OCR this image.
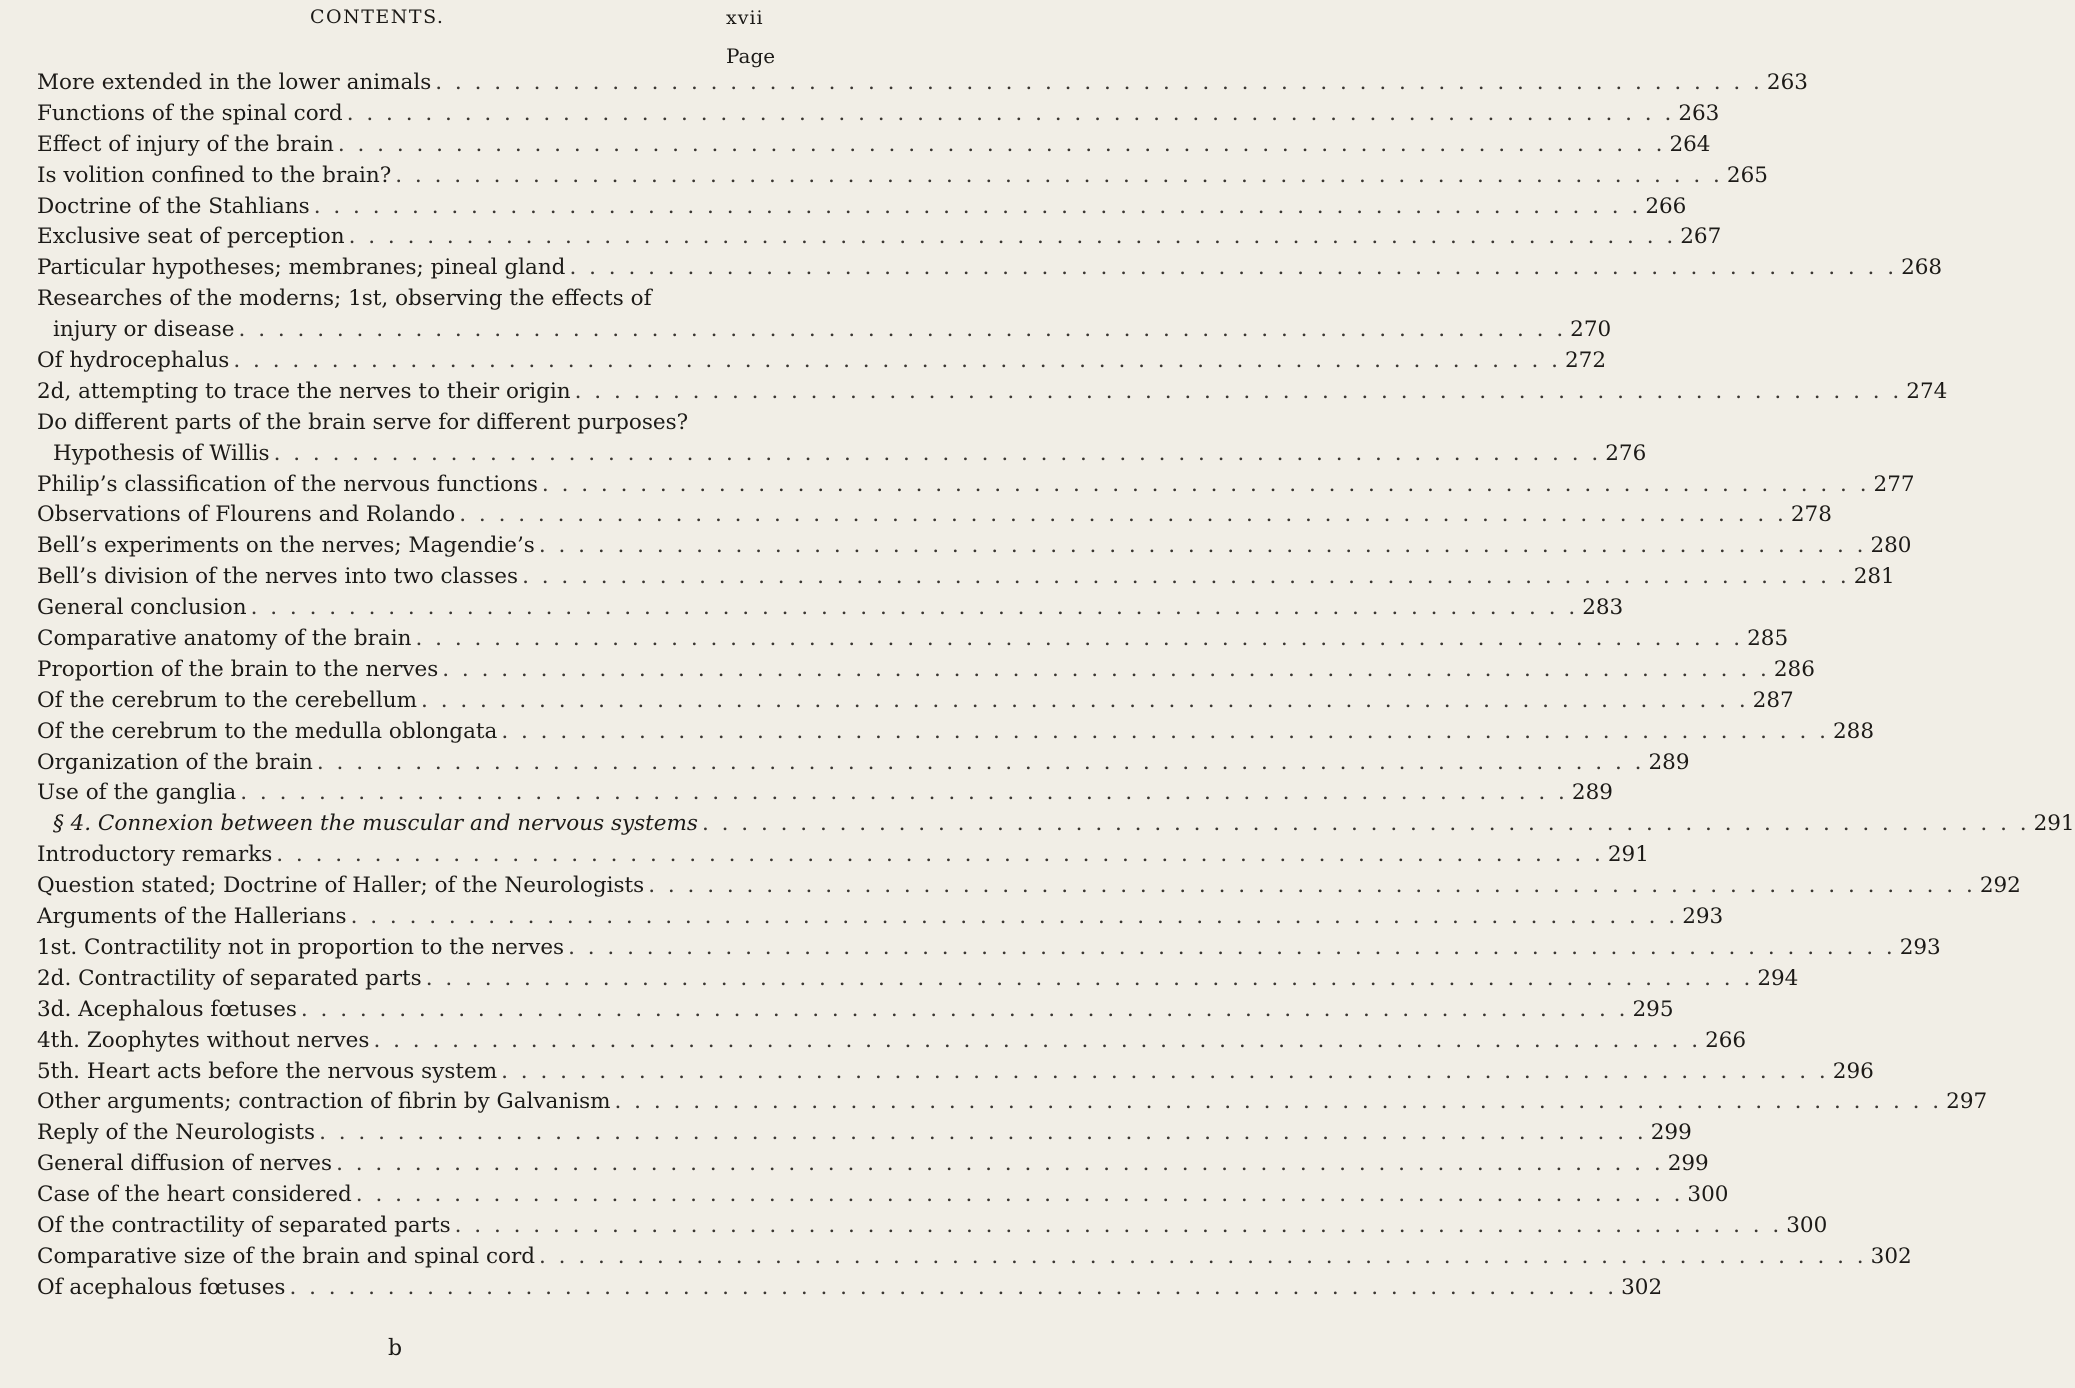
CONTENTS.	xvii
Page
More extended in the lower animals . . . . . . . . . . . . . . . . . . . . . . . . . . . . . . . . . . . . . . . . . . . . . . . . . . . . . . . . . . . . . . . . . . . . 263
Functions of the spinal cord . . . . . . . . . . . . . . . . . . . . . . . . . . . . . . . . . . . . . . . . . . . . . . . . . . . . . . . . . . . . . . . . . . . . 263
Effect of injury of the brain . . . . . . . . . . . . . . . . . . . . . . . . . . . . . . . . . . . . . . . . . . . . . . . . . . . . . . . . . . . . . . . . . . . . 264
Is volition confined to the brain? . . . . . . . . . . . . . . . . . . . . . . . . . . . . . . . . . . . . . . . . . . . . . . . . . . . . . . . . . . . . . . . . . . . . 265
Doctrine of the Stahlians . . . . . . . . . . . . . . . . . . . . . . . . . . . . . . . . . . . . . . . . . . . . . . . . . . . . . . . . . . . . . . . . . . . . 266
Exclusive seat of perception . . . . . . . . . . . . . . . . . . . . . . . . . . . . . . . . . . . . . . . . . . . . . . . . . . . . . . . . . . . . . . . . . . . . 267
Particular hypotheses; membranes; pineal gland . . . . . . . . . . . . . . . . . . . . . . . . . . . . . . . . . . . . . . . . . . . . . . . . . . . . . . . . . . . . . . . . . . . . 268
Researches of the moderns; 1st, observing the effects of
injury or disease . . . . . . . . . . . . . . . . . . . . . . . . . . . . . . . . . . . . . . . . . . . . . . . . . . . . . . . . . . . . . . . . . . . . 270
Of hydrocephalus . . . . . . . . . . . . . . . . . . . . . . . . . . . . . . . . . . . . . . . . . . . . . . . . . . . . . . . . . . . . . . . . . . . . 272
2d, attempting to trace the nerves to their origin . . . . . . . . . . . . . . . . . . . . . . . . . . . . . . . . . . . . . . . . . . . . . . . . . . . . . . . . . . . . . . . . . . . . 274
Do different parts of the brain serve for different purposes?
Hypothesis of Willis . . . . . . . . . . . . . . . . . . . . . . . . . . . . . . . . . . . . . . . . . . . . . . . . . . . . . . . . . . . . . . . . . . . . 276
Philip’s classification of the nervous functions . . . . . . . . . . . . . . . . . . . . . . . . . . . . . . . . . . . . . . . . . . . . . . . . . . . . . . . . . . . . . . . . . . . . 277
Observations of Flourens and Rolando . . . . . . . . . . . . . . . . . . . . . . . . . . . . . . . . . . . . . . . . . . . . . . . . . . . . . . . . . . . . . . . . . . . . 278
Bell’s experiments on the nerves; Magendie’s . . . . . . . . . . . . . . . . . . . . . . . . . . . . . . . . . . . . . . . . . . . . . . . . . . . . . . . . . . . . . . . . . . . . 280
Bell’s division of the nerves into two classes . . . . . . . . . . . . . . . . . . . . . . . . . . . . . . . . . . . . . . . . . . . . . . . . . . . . . . . . . . . . . . . . . . . . 281
General conclusion . . . . . . . . . . . . . . . . . . . . . . . . . . . . . . . . . . . . . . . . . . . . . . . . . . . . . . . . . . . . . . . . . . . . 283
Comparative anatomy of the brain . . . . . . . . . . . . . . . . . . . . . . . . . . . . . . . . . . . . . . . . . . . . . . . . . . . . . . . . . . . . . . . . . . . . 285
Proportion of the brain to the nerves . . . . . . . . . . . . . . . . . . . . . . . . . . . . . . . . . . . . . . . . . . . . . . . . . . . . . . . . . . . . . . . . . . . . 286
Of the cerebrum to the cerebellum . . . . . . . . . . . . . . . . . . . . . . . . . . . . . . . . . . . . . . . . . . . . . . . . . . . . . . . . . . . . . . . . . . . . 287
Of the cerebrum to the medulla oblongata . . . . . . . . . . . . . . . . . . . . . . . . . . . . . . . . . . . . . . . . . . . . . . . . . . . . . . . . . . . . . . . . . . . . 288
Organization of the brain . . . . . . . . . . . . . . . . . . . . . . . . . . . . . . . . . . . . . . . . . . . . . . . . . . . . . . . . . . . . . . . . . . . . 289
Use of the ganglia . . . . . . . . . . . . . . . . . . . . . . . . . . . . . . . . . . . . . . . . . . . . . . . . . . . . . . . . . . . . . . . . . . . . 289
§ 4. Connexion between the muscular and nervous systems . . . . . . . . . . . . . . . . . . . . . . . . . . . . . . . . . . . . . . . . . . . . . . . . . . . . . . . . . . . . . . . . . . . . 291
Introductory remarks . . . . . . . . . . . . . . . . . . . . . . . . . . . . . . . . . . . . . . . . . . . . . . . . . . . . . . . . . . . . . . . . . . . . 291
Question stated; Doctrine of Haller; of the Neurologists . . . . . . . . . . . . . . . . . . . . . . . . . . . . . . . . . . . . . . . . . . . . . . . . . . . . . . . . . . . . . . . . . . . . 292
Arguments of the Hallerians . . . . . . . . . . . . . . . . . . . . . . . . . . . . . . . . . . . . . . . . . . . . . . . . . . . . . . . . . . . . . . . . . . . . 293
1st. Contractility not in proportion to the nerves . . . . . . . . . . . . . . . . . . . . . . . . . . . . . . . . . . . . . . . . . . . . . . . . . . . . . . . . . . . . . . . . . . . . 293
2d. Contractility of separated parts . . . . . . . . . . . . . . . . . . . . . . . . . . . . . . . . . . . . . . . . . . . . . . . . . . . . . . . . . . . . . . . . . . . . 294
3d. Acephalous fœtuses . . . . . . . . . . . . . . . . . . . . . . . . . . . . . . . . . . . . . . . . . . . . . . . . . . . . . . . . . . . . . . . . . . . . 295
4th. Zoophytes without nerves . . . . . . . . . . . . . . . . . . . . . . . . . . . . . . . . . . . . . . . . . . . . . . . . . . . . . . . . . . . . . . . . . . . . 266
5th. Heart acts before the nervous system . . . . . . . . . . . . . . . . . . . . . . . . . . . . . . . . . . . . . . . . . . . . . . . . . . . . . . . . . . . . . . . . . . . . 296
Other arguments; contraction of fibrin by Galvanism . . . . . . . . . . . . . . . . . . . . . . . . . . . . . . . . . . . . . . . . . . . . . . . . . . . . . . . . . . . . . . . . . . . . 297
Reply of the Neurologists . . . . . . . . . . . . . . . . . . . . . . . . . . . . . . . . . . . . . . . . . . . . . . . . . . . . . . . . . . . . . . . . . . . . 299
General diffusion of nerves . . . . . . . . . . . . . . . . . . . . . . . . . . . . . . . . . . . . . . . . . . . . . . . . . . . . . . . . . . . . . . . . . . . . 299
Case of the heart considered . . . . . . . . . . . . . . . . . . . . . . . . . . . . . . . . . . . . . . . . . . . . . . . . . . . . . . . . . . . . . . . . . . . . 300
Of the contractility of separated parts . . . . . . . . . . . . . . . . . . . . . . . . . . . . . . . . . . . . . . . . . . . . . . . . . . . . . . . . . . . . . . . . . . . . 300
Comparative size of the brain and spinal cord . . . . . . . . . . . . . . . . . . . . . . . . . . . . . . . . . . . . . . . . . . . . . . . . . . . . . . . . . . . . . . . . . . . . 302
Of acephalous fœtuses . . . . . . . . . . . . . . . . . . . . . . . . . . . . . . . . . . . . . . . . . . . . . . . . . . . . . . . . . . . . . . . . . . . . 302
b
